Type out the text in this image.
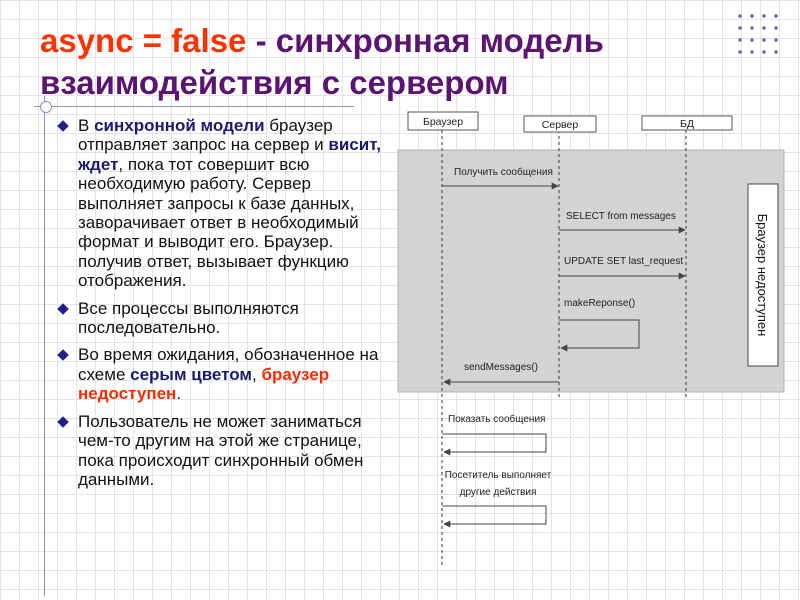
async = false - синхронная модель взаимодействия с сервером
В синхронной модели браузер отправляет запрос на сервер и висит, ждет, пока тот совершит всю необходимую работу. Сервер выполняет запросы к базе данных, заворачивает ответ в необходимый формат и выводит его. Браузер. получив ответ, вызывает функцию отображения.
Все процессы выполняются последовательно.
Во время ожидания, обозначенное на схеме серым цветом, браузер недоступен.
Пользователь не может заниматься чем-то другим на этой же странице, пока происходит синхронный обмен данными.
Браузер	Сервер	БД
Браузер недоступен
Получить сообщения
SELECT from messages
UPDATE SET last_request
makeReponse()
sendMessages()
Показать сообщения
Посетитель выполняет
другие действия
